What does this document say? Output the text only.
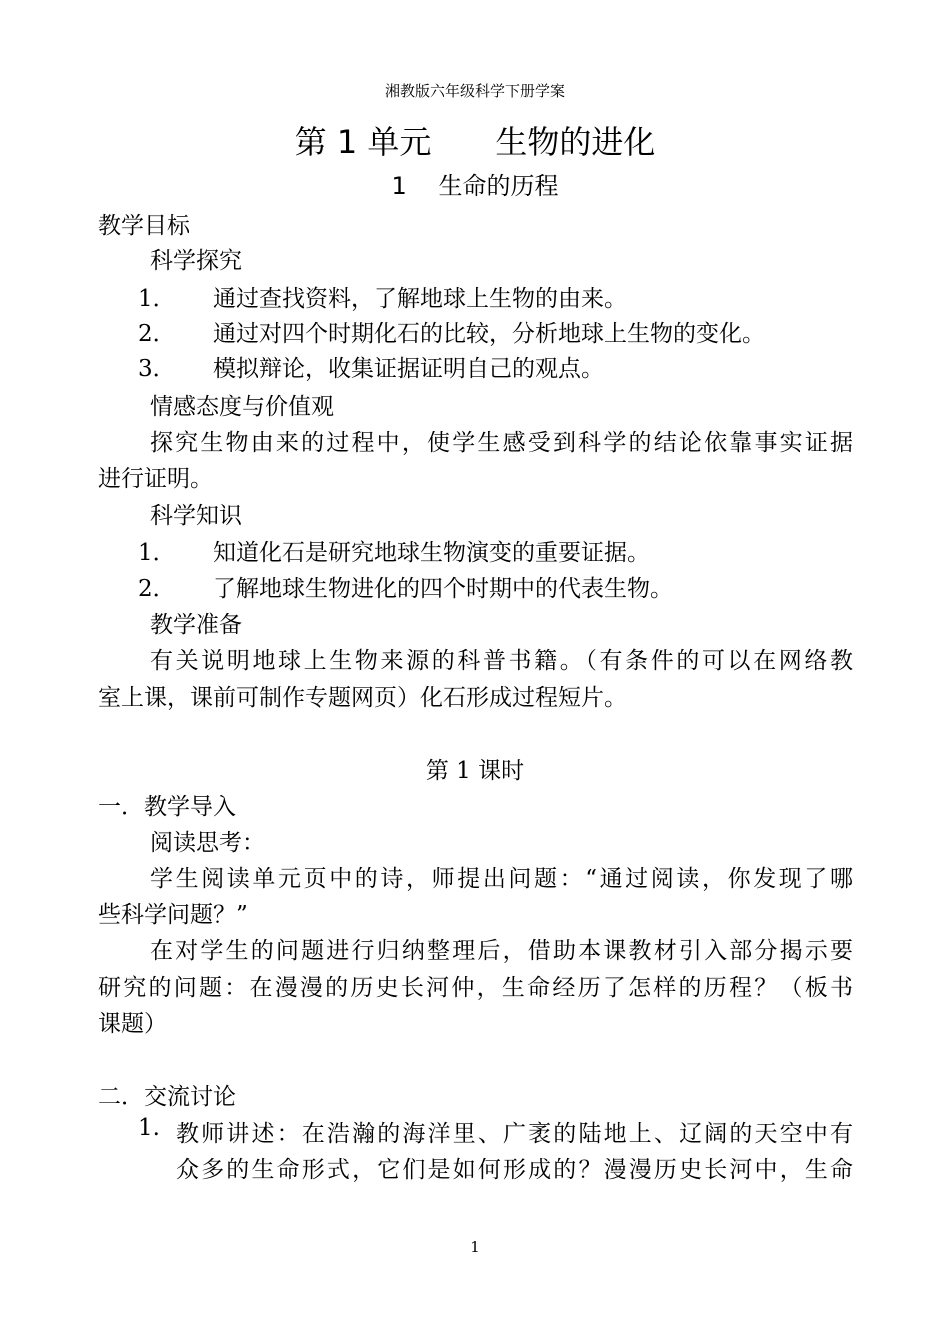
湘教版六年级科学下册学案
第 1 单元　　生物的进化
1　 生命的历程
教学目标
科学探究
1． 通过查找资料，了解地球上生物的由来。
2． 通过对四个时期化石的比较，分析地球上生物的变化。
3． 模拟辩论，收集证据证明自己的观点。
情感态度与价值观
探究生物由来的过程中，使学生感受到科学的结论依靠事实证据
进行证明。
科学知识
1． 知道化石是研究地球生物演变的重要证据。
2． 了解地球生物进化的四个时期中的代表生物。
教学准备
有关说明地球上生物来源的科普书籍。（有条件的可以在网络教
室上课，课前可制作专题网页）化石形成过程短片。
第 1 课时
一．教学导入
阅读思考：
学生阅读单元页中的诗，师提出问题：“通过阅读，你发现了哪
些科学问题？”
在对学生的问题进行归纳整理后，借助本课教材引入部分揭示要
研究的问题：在漫漫的历史长河仲，生命经历了怎样的历程？（板书
课题）
二．交流讨论
1. 教师讲述：在浩瀚的海洋里、广袤的陆地上、辽阔的天空中有
众多的生命形式，它们是如何形成的？漫漫历史长河中，生命
1
